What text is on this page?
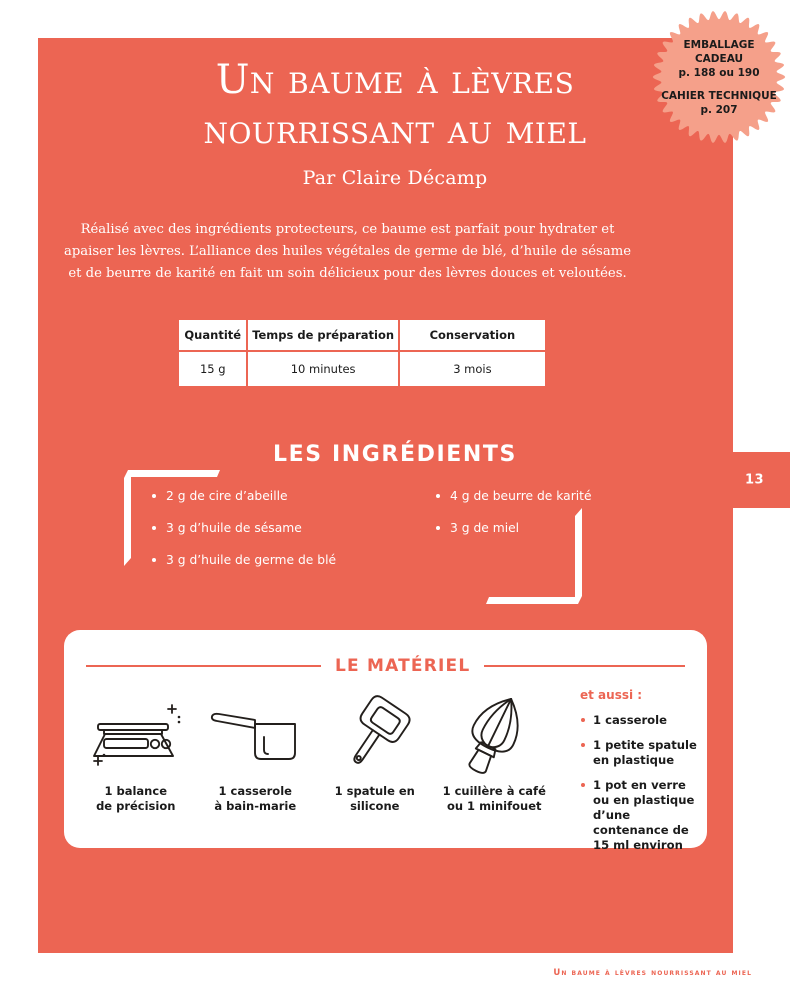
13
Un baume à lèvres
nourrissant au miel
Par Claire Décamp

Réalisé avec des ingrédients protecteurs, ce baume est parfait pour hydrater et apaiser les lèvres. L’alliance des huiles végétales de germe de blé, d’huile de sésame et de beurre de karité en fait un soin délicieux pour des lèvres douces et veloutées.

Quantité	Temps de préparation	Conservation
15 g	10 minutes	3 mois
LES INGRÉDIENTS
2 g de cire d’abeille
3 g d’huile de sésame
3 g d’huile de germe de blé
4 g de beurre de karité
3 g de miel
LE MATÉRIEL
1 balance
de précision
1 casserole
à bain-marie
1 spatule en silicone
1 cuillère à café
ou 1 minifouet
et aussi :
1 casserole
1 petite spatule en plastique
1 pot en verre ou en plastique d’une contenance de 15 ml environ
EMBALLAGE
CADEAU
p. 188 ou 190
CAHIER TECHNIQUE
p. 207
Un baume à lèvres nourrissant au miel
